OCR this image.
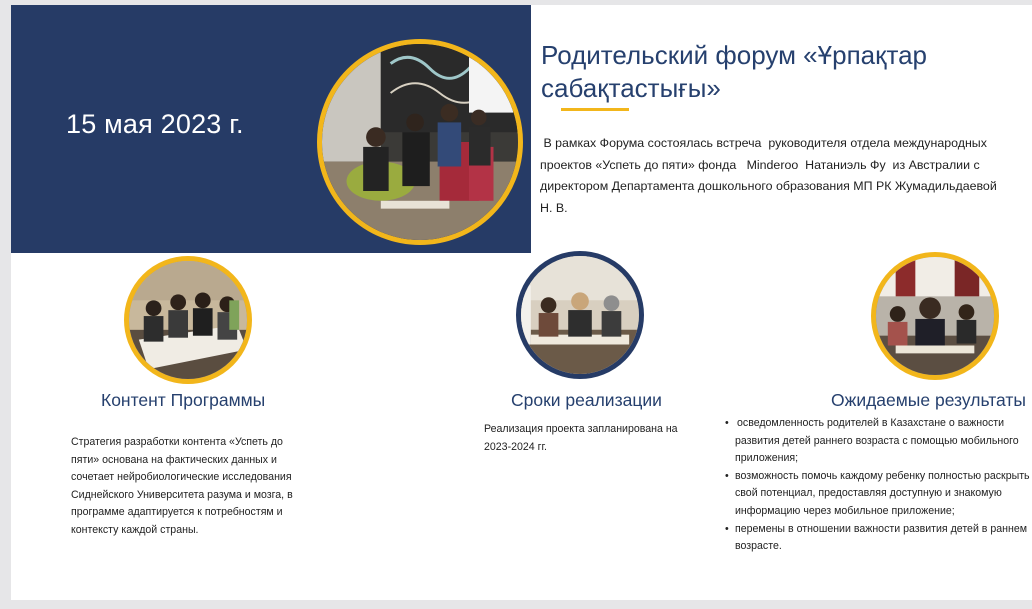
15 мая 2023 г.
Родительский форум «Ұрпақтар
сабақтастығы»
В рамках Форума состоялась встреча  руководителя отдела международных
проектов «Успеть до пяти» фонда   Minderoo  Натаниэль Фу  из Австралии с
директором Департамента дошкольного образования МП РК Жумадильдаевой
Н. В.
Контент Программы	Сроки реализации	Ожидаемые результаты
Стратегия разработки контента «Успеть до
пяти» основана на фактических данных и
сочетает нейробиологические исследования
Сиднейского Университета разума и мозга, в
программе адаптируется к потребностям и
контексту каждой страны.
Реализация проекта запланирована на
2023-2024 гг.
• осведомленность родителей в Казахстане о важности
развития детей раннего возраста с помощью мобильного
приложения;
• возможность помочь каждому ребенку полностью раскрыть
свой потенциал, предоставляя доступную и знакомую
информацию через мобильное приложение;
• перемены в отношении важности развития детей в раннем
возрасте.
